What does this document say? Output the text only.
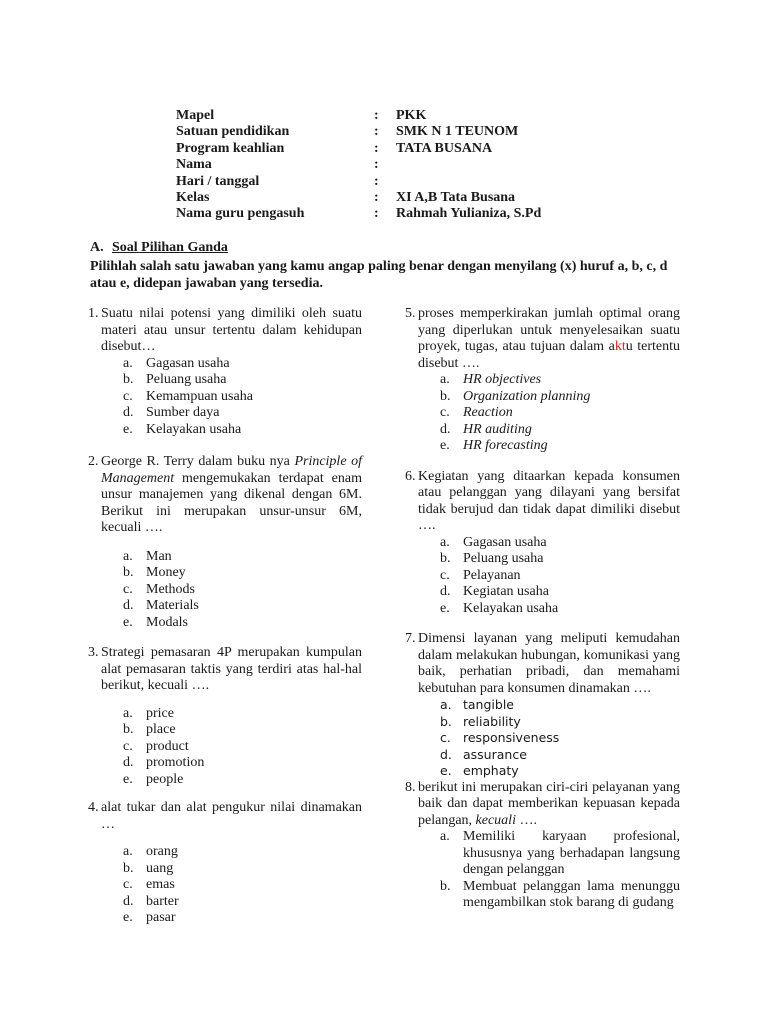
Mapel	: PKK
Satuan pendidikan	: SMK N 1 TEUNOM
Program keahlian	: TATA BUSANA
Nama	:
Hari / tanggal	:
Kelas	: XI A,B Tata Busana
Nama guru pengasuh	: Rahmah Yulianiza, S.Pd
A. Soal Pilihan Ganda
Pilihlah salah satu jawaban yang kamu angap paling benar dengan menyilang (x) huruf a, b, c, d atau e, didepan jawaban yang tersedia.
1. Suatu nilai potensi yang dimiliki oleh suatu materi atau unsur tertentu dalam kehidupan disebut…
a. Gagasan usaha
b. Peluang usaha
c. Kemampuan usaha
d. Sumber daya
e. Kelayakan usaha
2. George R. Terry dalam buku nya Principle of Management mengemukakan terdapat enam unsur manajemen yang dikenal dengan 6M. Berikut ini merupakan unsur-unsur 6M, kecuali ….
a. Man
b. Money
c. Methods
d. Materials
e. Modals
3. Strategi pemasaran 4P merupakan kumpulan alat pemasaran taktis yang terdiri atas hal-hal berikut, kecuali ….
a. price
b. place
c. product
d. promotion
e. people
4. alat tukar dan alat pengukur nilai dinamakan …
a. orang
b. uang
c. emas
d. barter
e. pasar
5. proses memperkirakan jumlah optimal orang yang diperlukan untuk menyelesaikan suatu proyek, tugas, atau tujuan dalam aktu tertentu disebut ….
a. HR objectives
b. Organization planning
c. Reaction
d. HR auditing
e. HR forecasting
6. Kegiatan yang ditaarkan kepada konsumen atau pelanggan yang dilayani yang bersifat tidak berujud dan tidak dapat dimiliki disebut ….
a. Gagasan usaha
b. Peluang usaha
c. Pelayanan
d. Kegiatan usaha
e. Kelayakan usaha
7. Dimensi layanan yang meliputi kemudahan dalam melakukan hubungan, komunikasi yang baik, perhatian pribadi, dan memahami kebutuhan para konsumen dinamakan ….
a. tangible
b. reliability
c. responsiveness
d. assurance
e. emphaty
8. berikut ini merupakan ciri-ciri pelayanan yang baik dan dapat memberikan kepuasan kepada pelangan, kecuali ….
a. Memiliki karyaan profesional, khususnya yang berhadapan langsung dengan pelanggan
b. Membuat pelanggan lama menunggu mengambilkan stok barang di gudang
